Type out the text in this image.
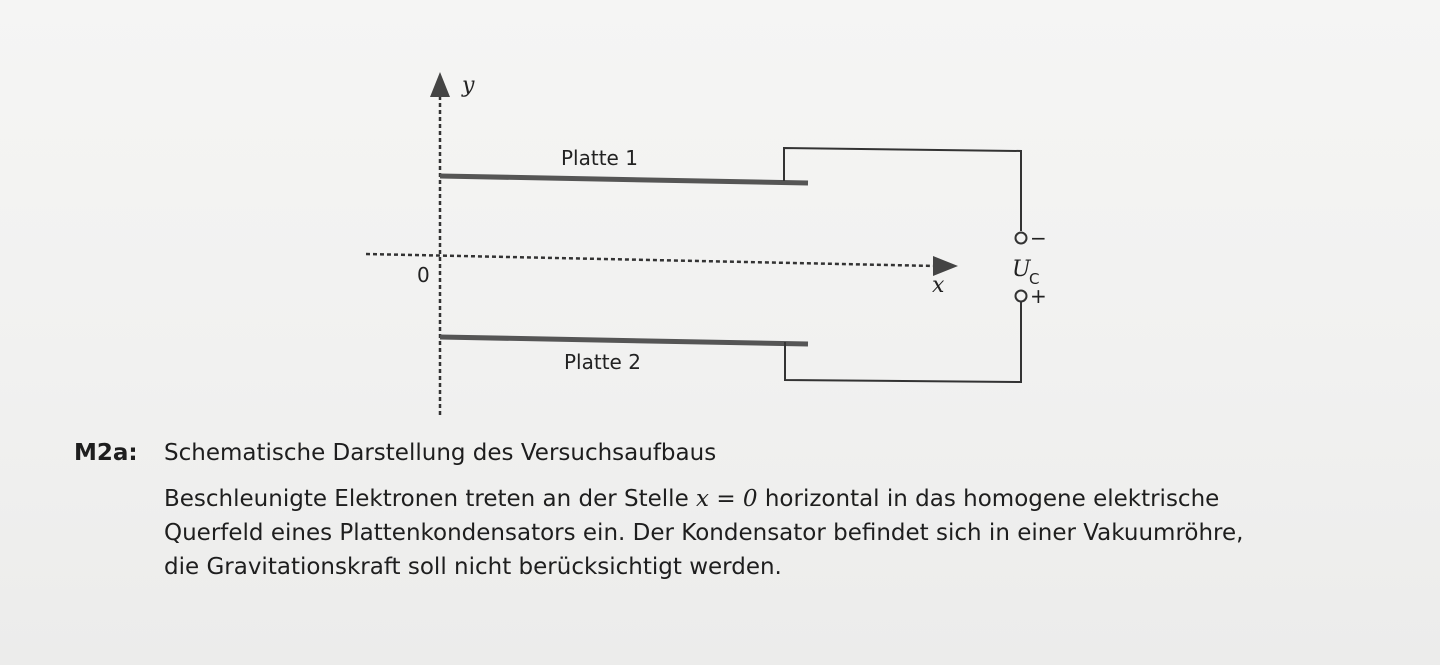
y
x
0
Platte 1
Platte 2
−
U
C
+
M2a:	Schematische Darstellung des Versuchsaufbaus
Beschleunigte Elektronen treten an der Stelle x = 0 horizontal in das homogene elektrische
Querfeld eines Plattenkondensators ein. Der Kondensator befindet sich in einer Vakuumröhre,
die Gravitationskraft soll nicht berücksichtigt werden.
